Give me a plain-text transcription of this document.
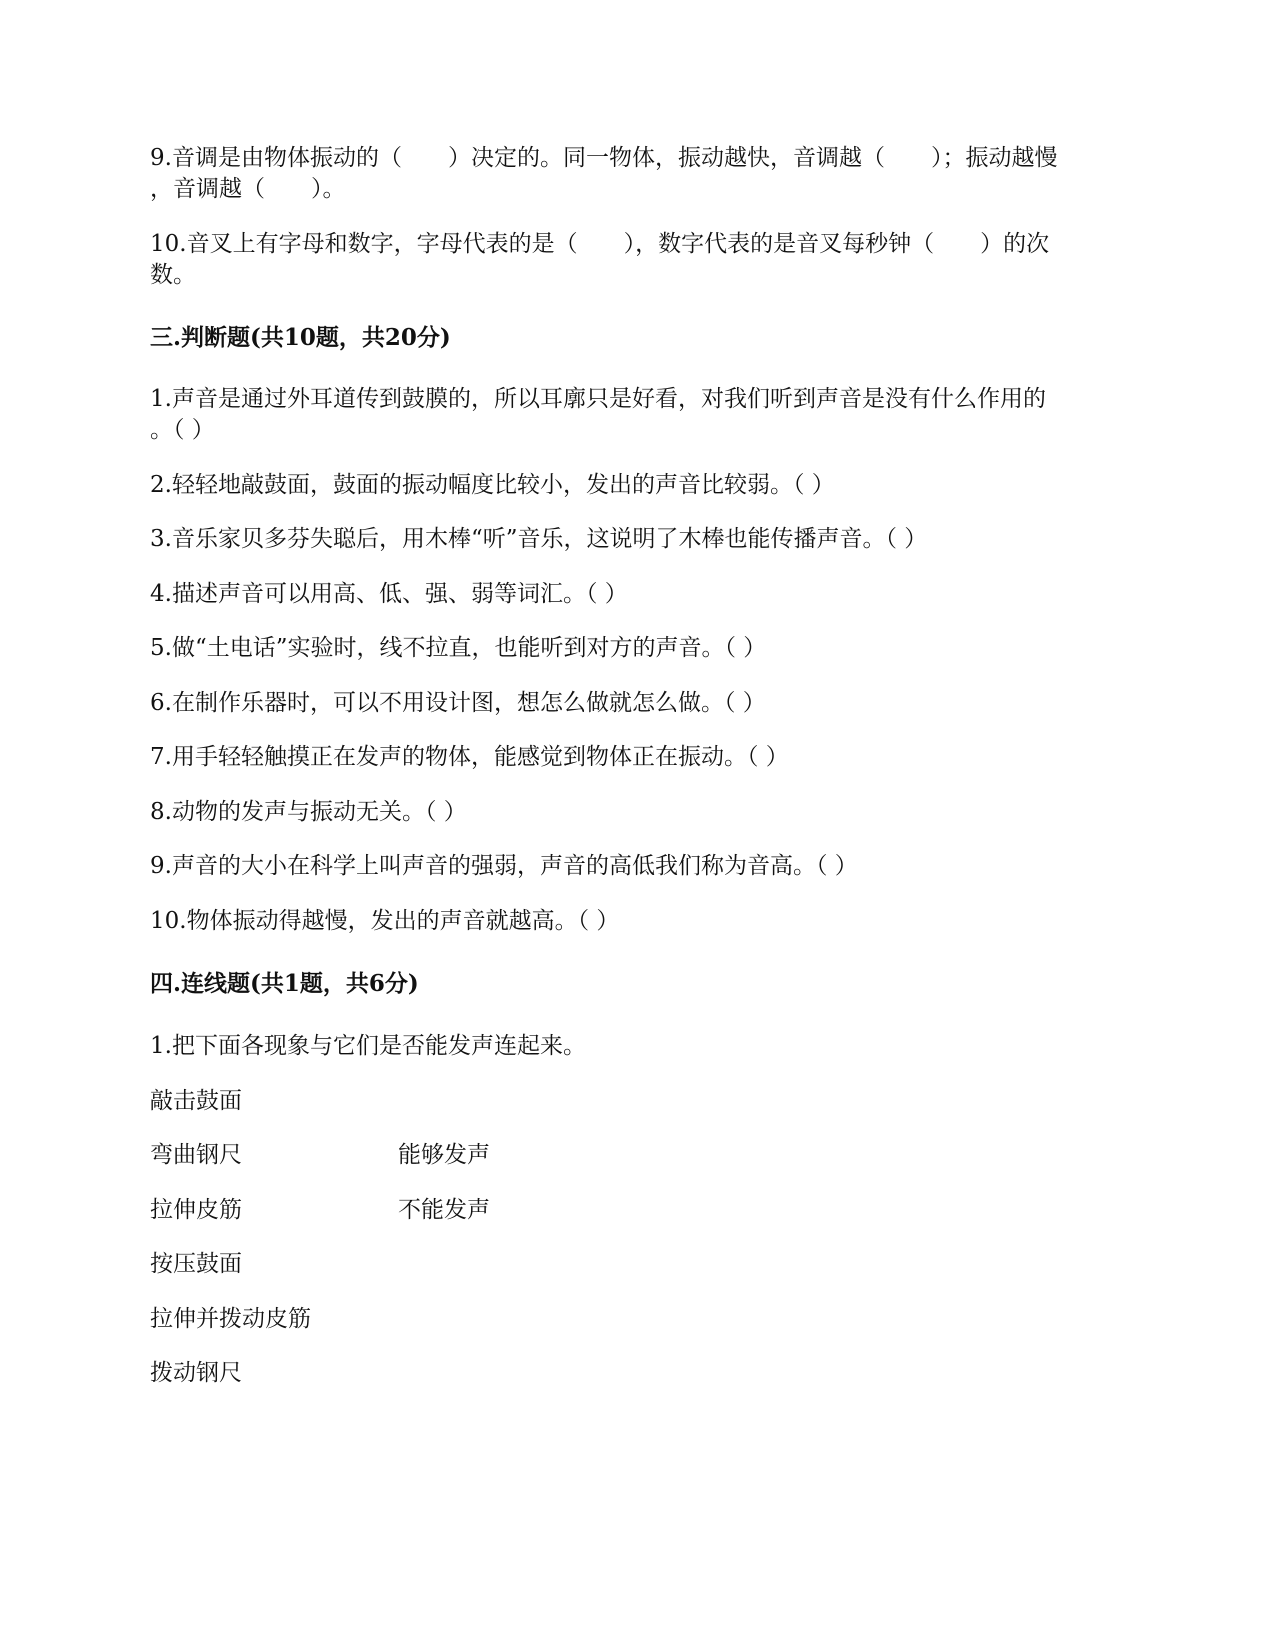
9.音调是由物体振动的（　　）决定的。同一物体，振动越快，音调越（　　）；振动越慢
，音调越（　　）。
10.音叉上有字母和数字，字母代表的是（　　），数字代表的是音叉每秒钟（　　）的次
数。
三.判断题(共10题，共20分)
1.声音是通过外耳道传到鼓膜的，所以耳廓只是好看，对我们听到声音是没有什么作用的
。（ ）
2.轻轻地敲鼓面，鼓面的振动幅度比较小，发出的声音比较弱。（ ）
3.音乐家贝多芬失聪后，用木棒“听”音乐，这说明了木棒也能传播声音。（ ）
4.描述声音可以用高、低、强、弱等词汇。（ ）
5.做“土电话”实验时，线不拉直，也能听到对方的声音。（ ）
6.在制作乐器时，可以不用设计图，想怎么做就怎么做。（ ）
7.用手轻轻触摸正在发声的物体，能感觉到物体正在振动。（ ）
8.动物的发声与振动无关。（ ）
9.声音的大小在科学上叫声音的强弱，声音的高低我们称为音高。（ ）
10.物体振动得越慢，发出的声音就越高。（ ）
四.连线题(共1题，共6分)
1.把下面各现象与它们是否能发声连起来。
敲击鼓面
弯曲钢尺
拉伸皮筋
按压鼓面
拉伸并拨动皮筋
拨动钢尺
能够发声
不能发声
